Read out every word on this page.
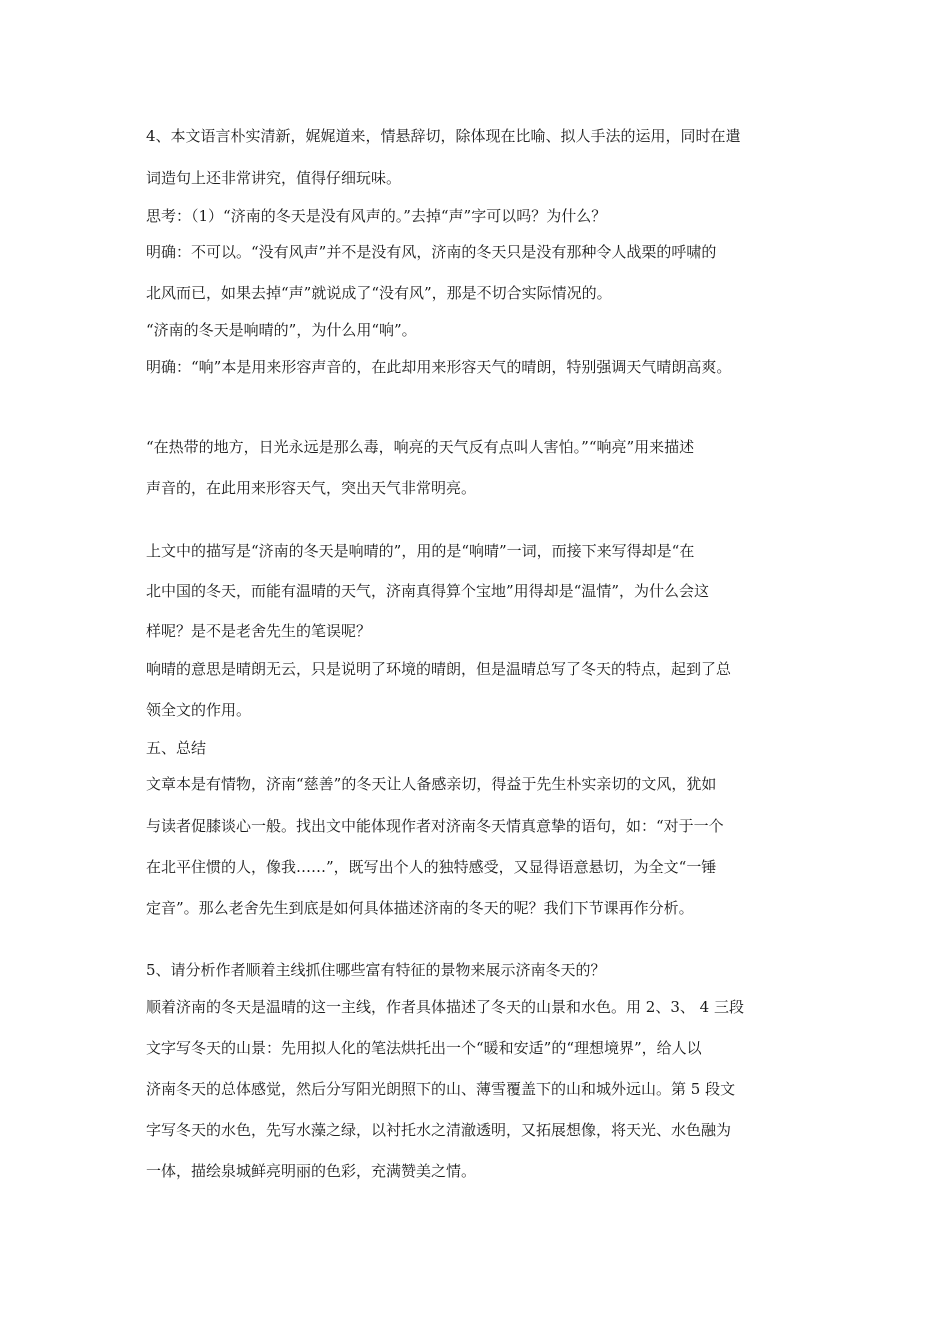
4、本文语言朴实清新，娓娓道来，情悬辞切，除体现在比喻、拟人手法的运用，同时在遣
词造句上还非常讲究，值得仔细玩味。
思考：（1）“济南的冬天是没有风声的。”去掉“声”字可以吗？为什么？
明确：不可以。“没有风声”并不是没有风，济南的冬天只是没有那种令人战栗的呼啸的
北风而已，如果去掉“声”就说成了“没有风”，那是不切合实际情况的。
“济南的冬天是响晴的”，为什么用“响”。
明确：“响”本是用来形容声音的，在此却用来形容天气的晴朗，特别强调天气晴朗高爽。
“在热带的地方，日光永远是那么毒，响亮的天气反有点叫人害怕。”“响亮”用来描述
声音的，在此用来形容天气，突出天气非常明亮。
上文中的描写是“济南的冬天是响晴的”，用的是“响晴”一词，而接下来写得却是“在
北中国的冬天，而能有温晴的天气，济南真得算个宝地”用得却是“温情”，为什么会这
样呢？是不是老舍先生的笔误呢？
响晴的意思是晴朗无云，只是说明了环境的晴朗，但是温晴总写了冬天的特点，起到了总
领全文的作用。
五、总结
文章本是有情物，济南“慈善”的冬天让人备感亲切，得益于先生朴实亲切的文风，犹如
与读者促膝谈心一般。找出文中能体现作者对济南冬天情真意挚的语句，如：“对于一个
在北平住惯的人，像我……”，既写出个人的独特感受，又显得语意悬切，为全文“一锤
定音”。那么老舍先生到底是如何具体描述济南的冬天的呢？我们下节课再作分析。
5、请分析作者顺着主线抓住哪些富有特征的景物来展示济南冬天的？
顺着济南的冬天是温晴的这一主线，作者具体描述了冬天的山景和水色。用 2、3、 4 三段
文字写冬天的山景：先用拟人化的笔法烘托出一个“暖和安适”的“理想境界”，给人以
济南冬天的总体感觉，然后分写阳光朗照下的山、薄雪覆盖下的山和城外远山。第 5 段文
字写冬天的水色，先写水藻之绿，以衬托水之清澈透明，又拓展想像，将天光、水色融为
一体，描绘泉城鲜亮明丽的色彩，充满赞美之情。
